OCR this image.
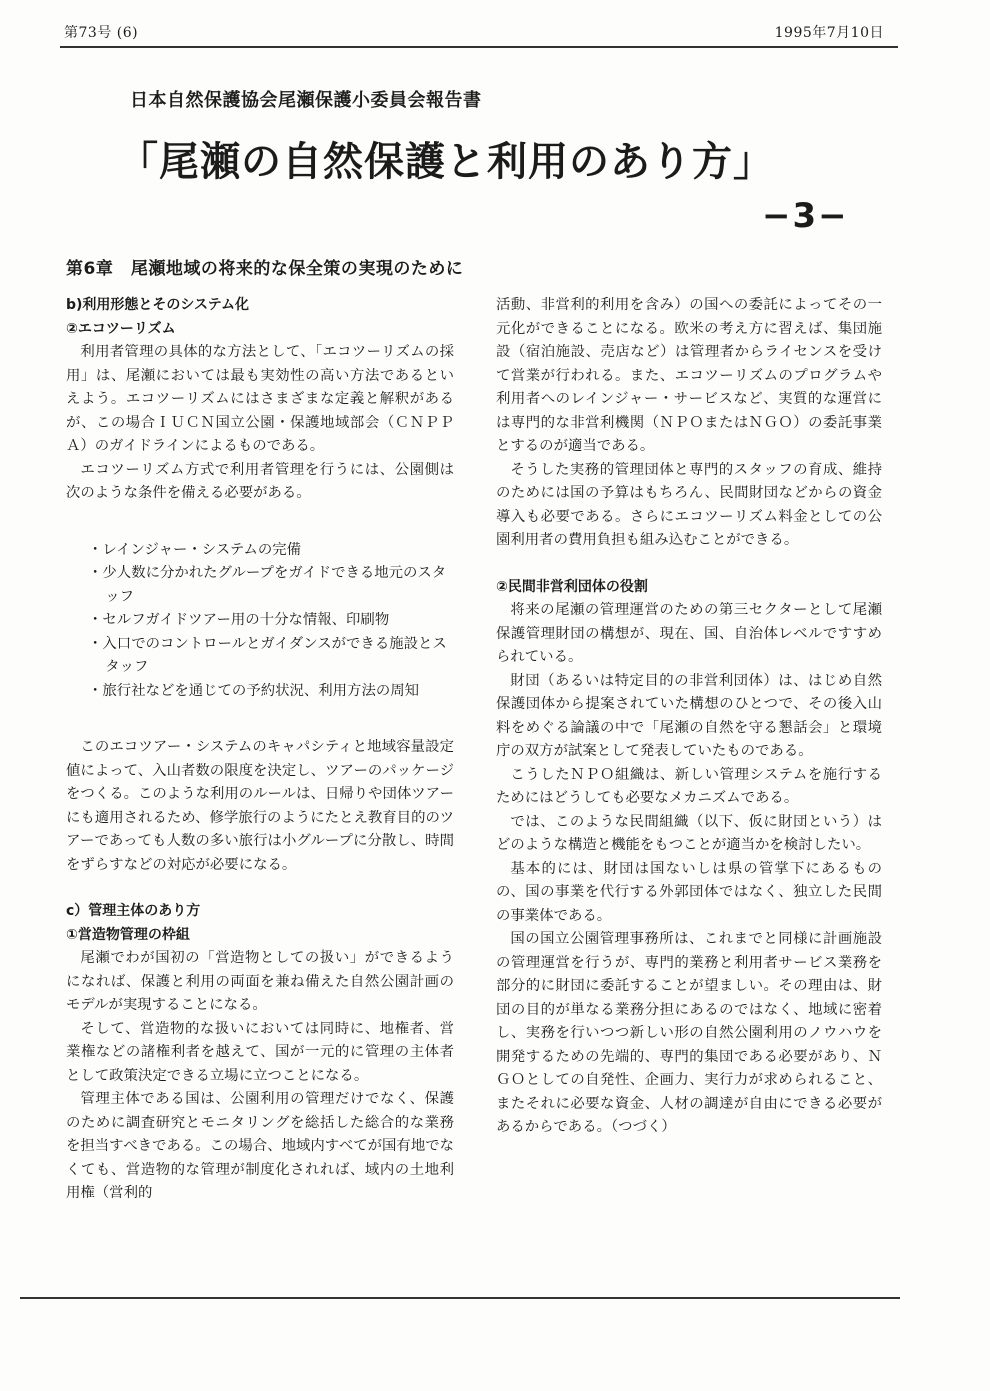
第73号 (6)	1995年7月10日
日本自然保護協会尾瀬保護小委員会報告書
「尾瀬の自然保護と利用のあり方」
−3−
第6章　尾瀬地域の将来的な保全策の実現のために

b)利用形態とそのシステム化

②エコツーリズム

利用者管理の具体的な方法として、「エコツーリズムの採用」は、尾瀬においては最も実効性の高い方法であるといえよう。エコツーリズムにはさまざまな定義と解釈があるが、この場合ＩＵＣＮ国立公園・保護地域部会（ＣＮＰＰＡ）のガイドラインによるものである。

エコツーリズム方式で利用者管理を行うには、公園側は次のような条件を備える必要がある。

・ レインジャー・システムの完備
・ 少人数に分かれたグループをガイドできる地元のスタッフ
・ セルフガイドツアー用の十分な情報、印刷物
・ 入口でのコントロールとガイダンスができる施設とスタッフ
・ 旅行社などを通じての予約状況、利用方法の周知

このエコツアー・システムのキャパシティと地域容量設定値によって、入山者数の限度を決定し、ツアーのパッケージをつくる。このような利用のルールは、日帰りや団体ツアーにも適用されるため、修学旅行のようにたとえ教育目的のツアーであっても人数の多い旅行は小グループに分散し、時間をずらすなどの対応が必要になる。

c）管理主体のあり方

①営造物管理の枠組

尾瀬でわが国初の「営造物としての扱い」ができるようになれば、保護と利用の両面を兼ね備えた自然公園計画のモデルが実現することになる。

そして、営造物的な扱いにおいては同時に、地権者、営業権などの諸権利者を越えて、国が一元的に管理の主体者として政策決定できる立場に立つことになる。

管理主体である国は、公園利用の管理だけでなく、保護のために調査研究とモニタリングを総括した総合的な業務を担当すべきである。この場合、地域内すべてが国有地でなくても、営造物的な管理が制度化されれば、域内の土地利用権（営利的

活動、非営利的利用を含み）の国への委託によってその一元化ができることになる。欧米の考え方に習えば、集団施設（宿泊施設、売店など）は管理者からライセンスを受けて営業が行われる。また、エコツーリズムのプログラムや利用者へのレインジャー・サービスなど、実質的な運営には専門的な非営利機関（ＮＰＯまたはＮＧＯ）の委託事業とするのが適当である。

そうした実務的管理団体と専門的スタッフの育成、維持のためには国の予算はもちろん、民間財団などからの資金導入も必要である。さらにエコツーリズム料金としての公園利用者の費用負担も組み込むことができる。

②民間非営利団体の役割

将来の尾瀬の管理運営のための第三セクターとして尾瀬保護管理財団の構想が、現在、国、自治体レベルですすめられている。

財団（あるいは特定目的の非営利団体）は、はじめ自然保護団体から提案されていた構想のひとつで、その後入山料をめぐる論議の中で「尾瀬の自然を守る懇話会」と環境庁の双方が試案として発表していたものである。

こうしたＮＰＯ組織は、新しい管理システムを施行するためにはどうしても必要なメカニズムである。

では、このような民間組織（以下、仮に財団という）はどのような構造と機能をもつことが適当かを検討したい。

基本的には、財団は国ないしは県の管掌下にあるものの、国の事業を代行する外郭団体ではなく、独立した民間の事業体である。

国の国立公園管理事務所は、これまでと同様に計画施設の管理運営を行うが、専門的業務と利用者サービス業務を部分的に財団に委託することが望ましい。その理由は、財団の目的が単なる業務分担にあるのではなく、地域に密着し、実務を行いつつ新しい形の自然公園利用のノウハウを開発するための先端的、専門的集団である必要があり、ＮＧＯとしての自発性、企画力、実行力が求められること、またそれに必要な資金、人材の調達が自由にできる必要があるからである。（つづく）
